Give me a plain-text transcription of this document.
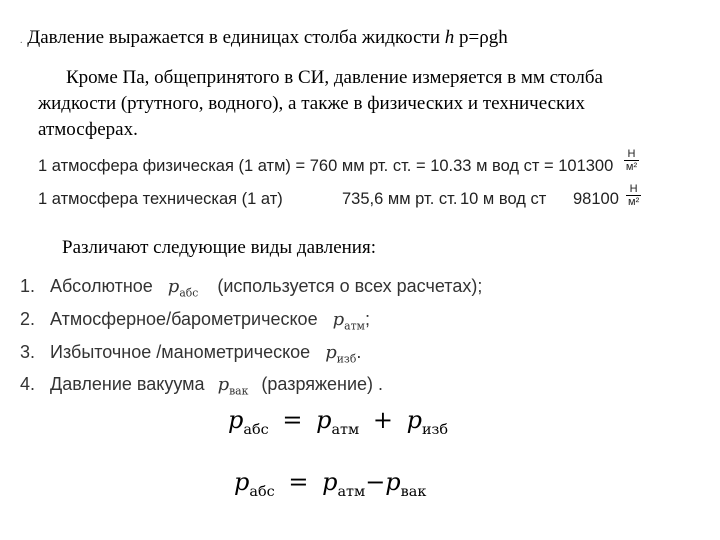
. Давление выражается в единицах столба жидкости h p=ρgh
Кроме Па, общепринятого в СИ, давление измеряется в мм столба
жидкости (ртутного, водного), а также в физических и технических
атмосферах.
1 атмосфера физическая (1 атм) = 760 мм рт. ст. = 10.33 м вод ст = $101300 \frac{Н}{\text{м²}}$
1 атмосфера техническая (1 ат)	735,6 мм рт. ст. 10 м вод ст 98100
Н
м²
Различают следующие виды давления:
1. Абсолютное $p_{абс}$ (используется о всех расчетах);
2. Атмосферное/барометрическое $p_{атм}$;
3. Избыточное /манометрическое $p_{изб}$.
4. Давление вакуума $p_{вак}$ (разряжение) .
$p_{абс} = p_{атм} + p_{изб}$
$p_{абс} = p_{атм}-p_{вак}$
